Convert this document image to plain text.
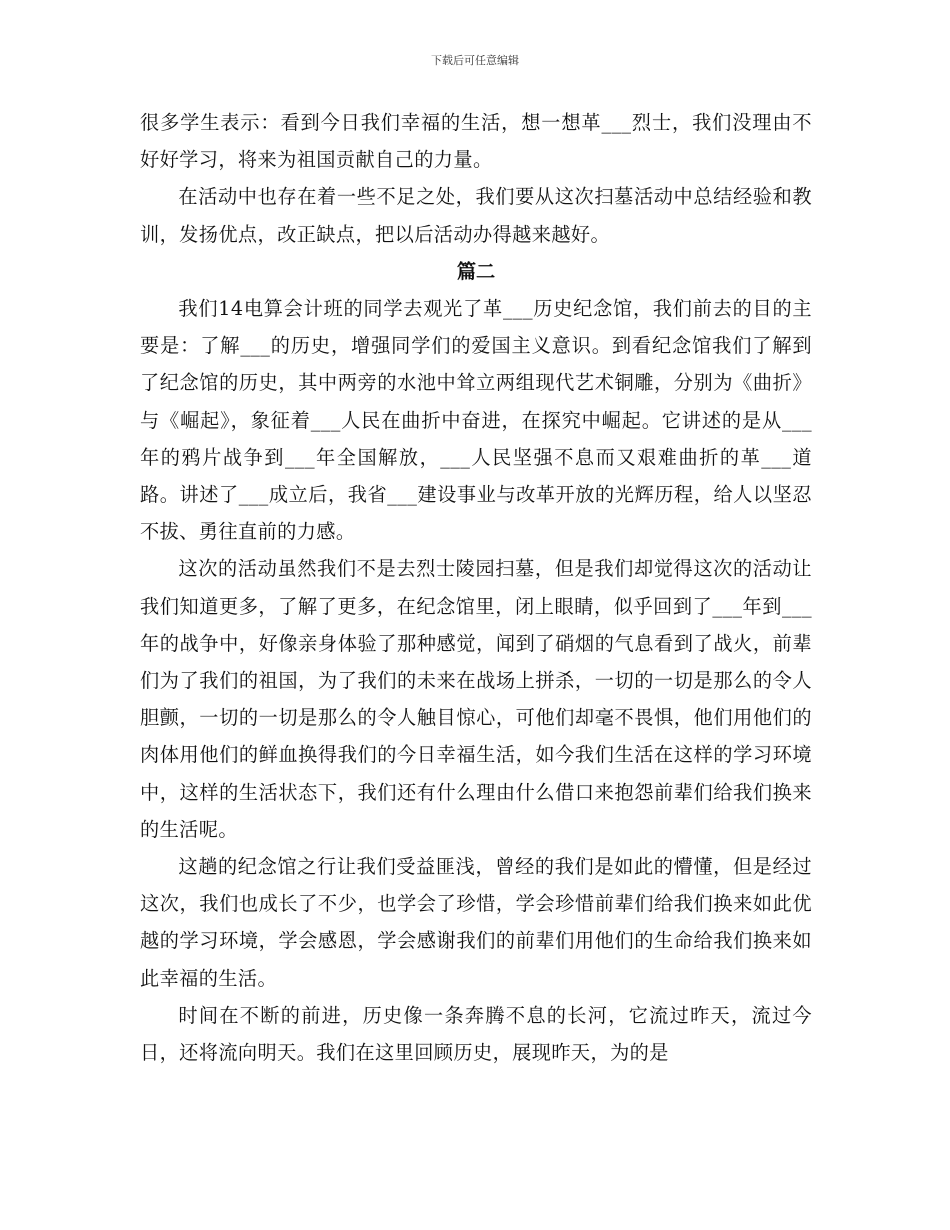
下载后可任意编辑

很多学生表示：看到今日我们幸福的生活，想一想革___烈士，我们没理由不好好学习，将来为祖国贡献自己的力量。

在活动中也存在着一些不足之处，我们要从这次扫墓活动中总结经验和教训，发扬优点，改正缺点，把以后活动办得越来越好。

篇二

我们14电算会计班的同学去观光了革___历史纪念馆，我们前去的目的主要是：了解___的历史，增强同学们的爱国主义意识。到看纪念馆我们了解到了纪念馆的历史，其中两旁的水池中耸立两组现代艺术铜雕，分别为《曲折》与《崛起》，象征着___人民在曲折中奋进，在探究中崛起。它讲述的是从___年的鸦片战争到___年全国解放，___人民坚强不息而又艰难曲折的革___道路。讲述了___成立后，我省___建设事业与改革开放的光辉历程，给人以坚忍不拔、勇往直前的力感。

这次的活动虽然我们不是去烈士陵园扫墓，但是我们却觉得这次的活动让我们知道更多，了解了更多，在纪念馆里，闭上眼睛，似乎回到了___年到___年的战争中，好像亲身体验了那种感觉，闻到了硝烟的气息看到了战火，前辈们为了我们的祖国，为了我们的未来在战场上拼杀，一切的一切是那么的令人胆颤，一切的一切是那么的令人触目惊心，可他们却毫不畏惧，他们用他们的肉体用他们的鲜血换得我们的今日幸福生活，如今我们生活在这样的学习环境中，这样的生活状态下，我们还有什么理由什么借口来抱怨前辈们给我们换来的生活呢。

这趟的纪念馆之行让我们受益匪浅，曾经的我们是如此的懵懂，但是经过这次，我们也成长了不少，也学会了珍惜，学会珍惜前辈们给我们换来如此优越的学习环境，学会感恩，学会感谢我们的前辈们用他们的生命给我们换来如此幸福的生活。

时间在不断的前进，历史像一条奔腾不息的长河，它流过昨天，流过今日，还将流向明天。我们在这里回顾历史，展现昨天，为的是
